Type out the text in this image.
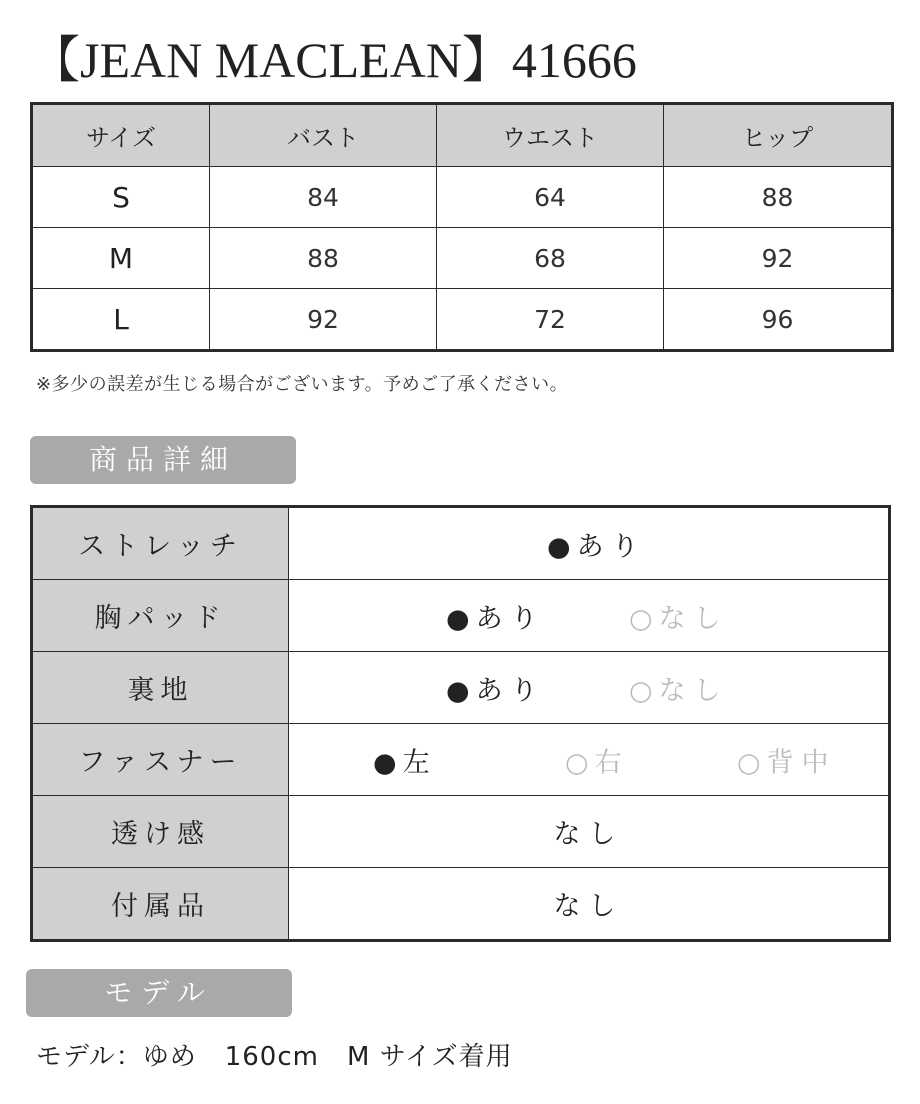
【JEAN MACLEAN】41666
サイズ	バスト	ウエスト	ヒップ
S	84	64	88
M	88	68	92
L	92	72	96
※多少の誤差が生じる場合がございます。予めご了承ください。
商品詳細
ストレッチ	● あり

胸パッド	● あり ○ なし

裏地	● あり ○ なし

ファスナー	● 左 ○ 右 ○ 背中

透け感	なし
付属品	なし
モデル
モデル：ゆめ 160cm M サイズ着用
